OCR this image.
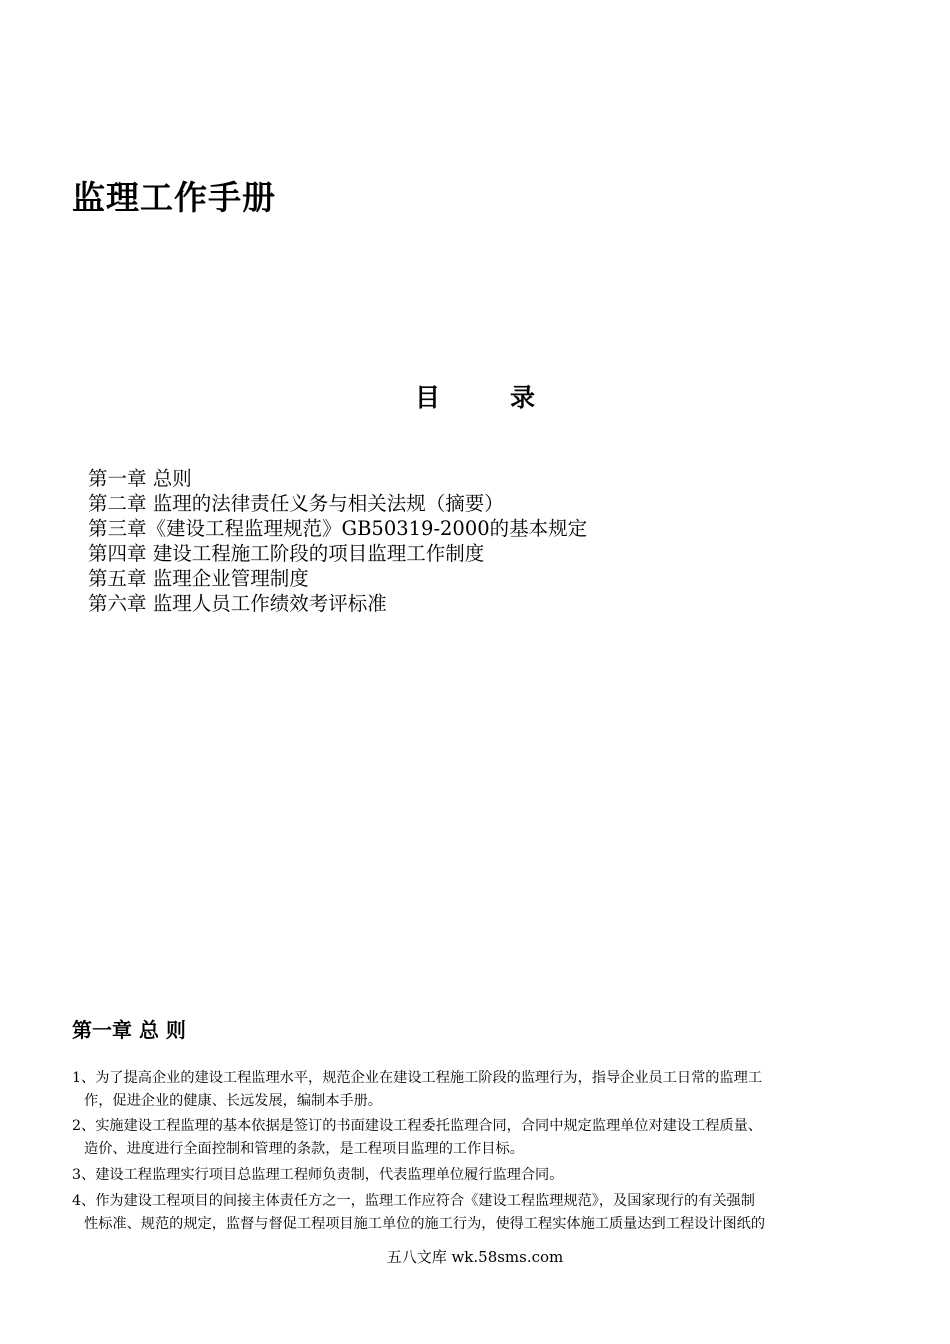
监理工作手册
目	录
第一章 总则
第二章 监理的法律责任义务与相关法规（摘要）
第三章《建设工程监理规范》GB50319-2000的基本规定
第四章 建设工程施工阶段的项目监理工作制度
第五章 监理企业管理制度
第六章 监理人员工作绩效考评标准
第一章 总 则
1、为了提高企业的建设工程监理水平，规范企业在建设工程施工阶段的监理行为，指导企业员工日常的监理工
作，促进企业的健康、长远发展，编制本手册。
2、实施建设工程监理的基本依据是签订的书面建设工程委托监理合同，合同中规定监理单位对建设工程质量、
造价、进度进行全面控制和管理的条款，是工程项目监理的工作目标。
3、建设工程监理实行项目总监理工程师负责制，代表监理单位履行监理合同。
4、作为建设工程项目的间接主体责任方之一，监理工作应符合《建设工程监理规范》，及国家现行的有关强制
性标准、规范的规定，监督与督促工程项目施工单位的施工行为，使得工程实体施工质量达到工程设计图纸的
五八文库 wk.58sms.com
